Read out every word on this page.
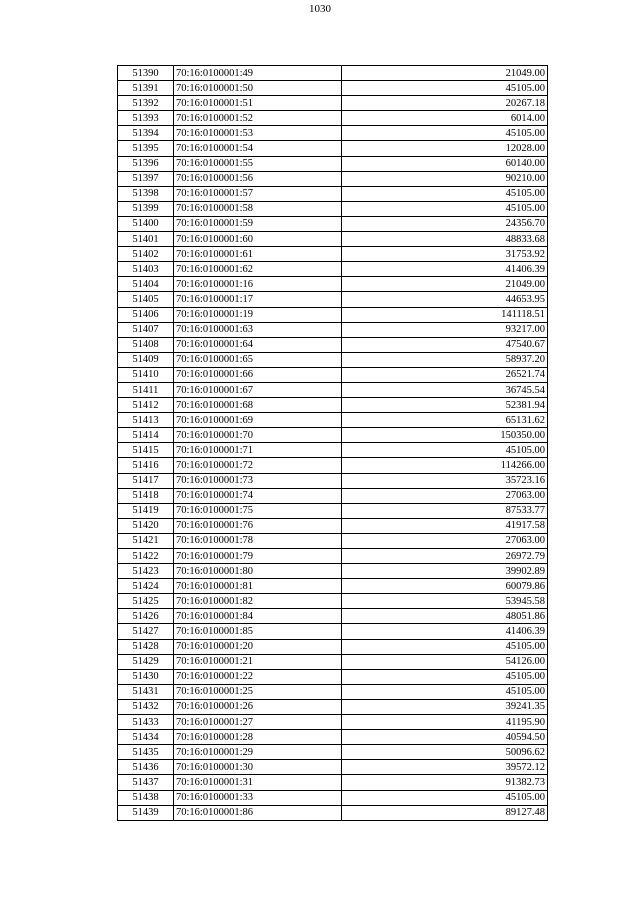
1030
51390	70:16:0100001:49	21049.00
51391	70:16:0100001:50	45105.00
51392	70:16:0100001:51	20267.18
51393	70:16:0100001:52	6014.00
51394	70:16:0100001:53	45105.00
51395	70:16:0100001:54	12028.00
51396	70:16:0100001:55	60140.00
51397	70:16:0100001:56	90210.00
51398	70:16:0100001:57	45105.00
51399	70:16:0100001:58	45105.00
51400	70:16:0100001:59	24356.70
51401	70:16:0100001:60	48833.68
51402	70:16:0100001:61	31753.92
51403	70:16:0100001:62	41406.39
51404	70:16:0100001:16	21049.00
51405	70:16:0100001:17	44653.95
51406	70:16:0100001:19	141118.51
51407	70:16:0100001:63	93217.00
51408	70:16:0100001:64	47540.67
51409	70:16:0100001:65	58937.20
51410	70:16:0100001:66	26521.74
51411	70:16:0100001:67	36745.54
51412	70:16:0100001:68	52381.94
51413	70:16:0100001:69	65131.62
51414	70:16:0100001:70	150350.00
51415	70:16:0100001:71	45105.00
51416	70:16:0100001:72	114266.00
51417	70:16:0100001:73	35723.16
51418	70:16:0100001:74	27063.00
51419	70:16:0100001:75	87533.77
51420	70:16:0100001:76	41917.58
51421	70:16:0100001:78	27063.00
51422	70:16:0100001:79	26972.79
51423	70:16:0100001:80	39902.89
51424	70:16:0100001:81	60079.86
51425	70:16:0100001:82	53945.58
51426	70:16:0100001:84	48051.86
51427	70:16:0100001:85	41406.39
51428	70:16:0100001:20	45105.00
51429	70:16:0100001:21	54126.00
51430	70:16:0100001:22	45105.00
51431	70:16:0100001:25	45105.00
51432	70:16:0100001:26	39241.35
51433	70:16:0100001:27	41195.90
51434	70:16:0100001:28	40594.50
51435	70:16:0100001:29	50096.62
51436	70:16:0100001:30	39572.12
51437	70:16:0100001:31	91382.73
51438	70:16:0100001:33	45105.00
51439	70:16:0100001:86	89127.48
